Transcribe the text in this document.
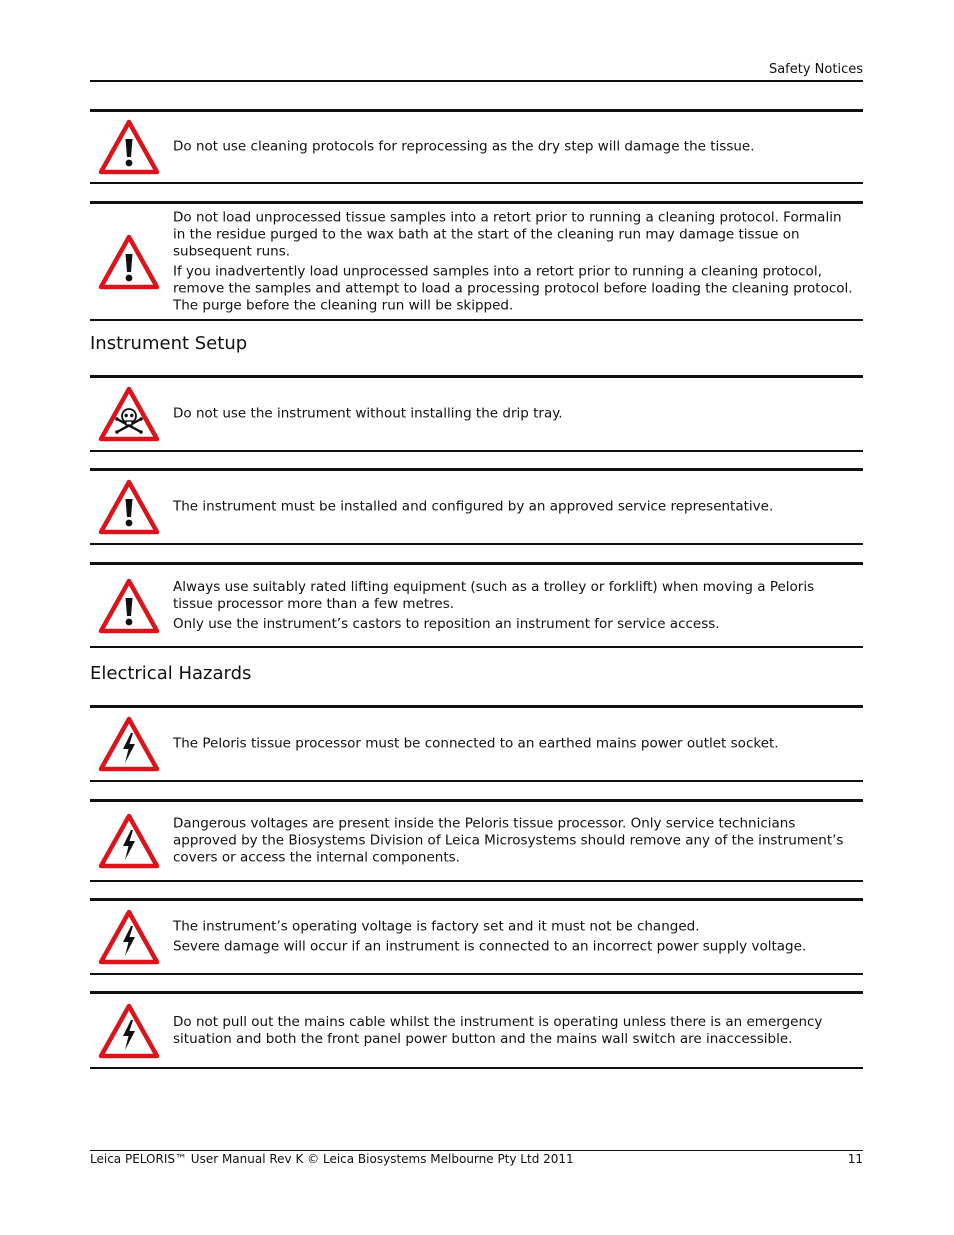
Safety Notices

Do not use cleaning protocols for reprocessing as the dry step will damage the tissue.

Do not load unprocessed tissue samples into a retort prior to running a cleaning protocol. Formalin in the residue purged to the wax bath at the start of the cleaning run may damage tissue on subsequent runs.

If you inadvertently load unprocessed samples into a retort prior to running a cleaning protocol, remove the samples and attempt to load a processing protocol before loading the cleaning protocol. The purge before the cleaning run will be skipped.

Instrument Setup

Do not use the instrument without installing the drip tray.

The instrument must be installed and configured by an approved service representative.

Always use suitably rated lifting equipment (such as a trolley or forklift) when moving a Peloris tissue processor more than a few metres.

Only use the instrument’s castors to reposition an instrument for service access.

Electrical Hazards

The Peloris tissue processor must be connected to an earthed mains power outlet socket.

Dangerous voltages are present inside the Peloris tissue processor. Only service technicians approved by the Biosystems Division of Leica Microsystems should remove any of the instrument’s covers or access the internal components.

The instrument’s operating voltage is factory set and it must not be changed.

Severe damage will occur if an instrument is connected to an incorrect power supply voltage.

Do not pull out the mains cable whilst the instrument is operating unless there is an emergency situation and both the front panel power button and the mains wall switch are inaccessible.

Leica PELORIS™ User Manual Rev K © Leica Biosystems Melbourne Pty Ltd 2011	11
